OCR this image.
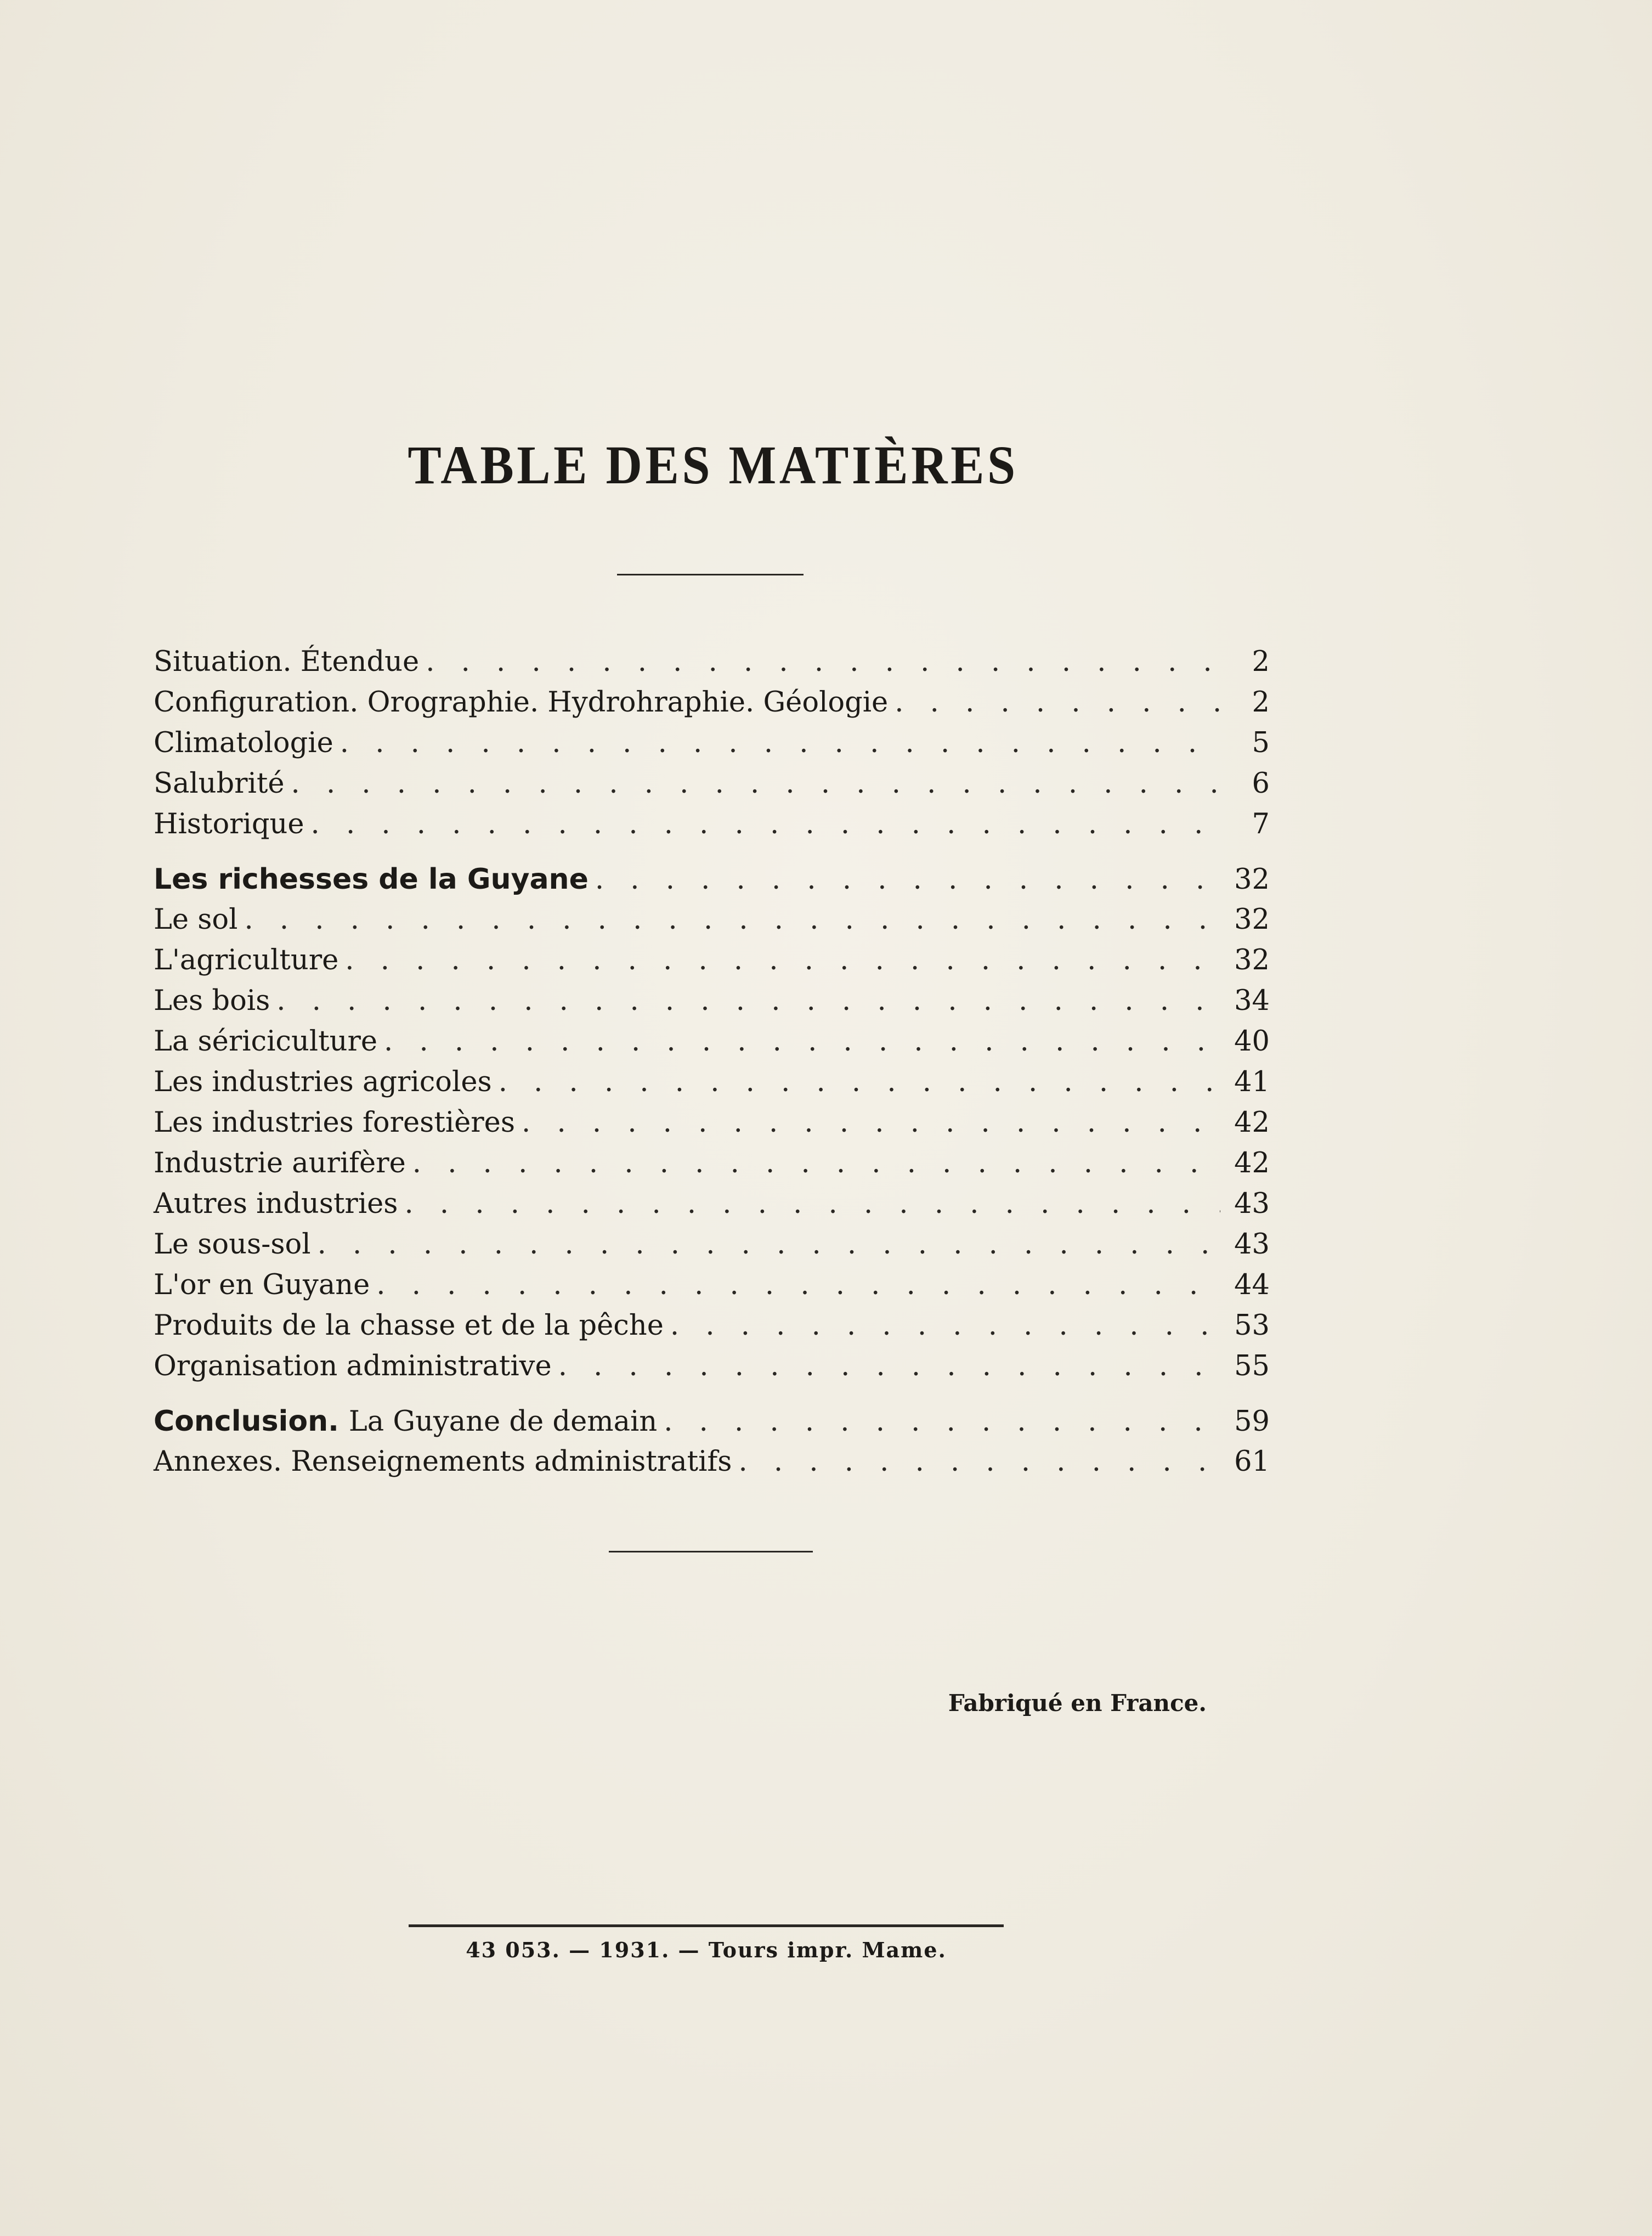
TABLE DES MATIÈRES
Situation. Étendue . . .	2
Configuration. Orographie. Hydrohraphie. Géologie . . .	2
Climatologie . . .	5
Salubrité . . .	6
Historique . . .	7
Les richesses de la Guyane . . .	32
Le sol . . .	32
L'agriculture . . .	32
Les bois . . .	34
La sériciculture . . .	40
Les industries agricoles . . .	41
Les industries forestières . . .	42
Industrie aurifère . . .	42
Autres industries . . .	43
Le sous-sol . . .	43
L'or en Guyane . . .	44
Produits de la chasse et de la pêche . . .	53
Organisation administrative . . .	55
Conclusion. La Guyane de demain . . .	59
Annexes. Renseignements administratifs . . .	61
Fabriqué en France.
43 053. — 1931. — Tours impr. Mame.
